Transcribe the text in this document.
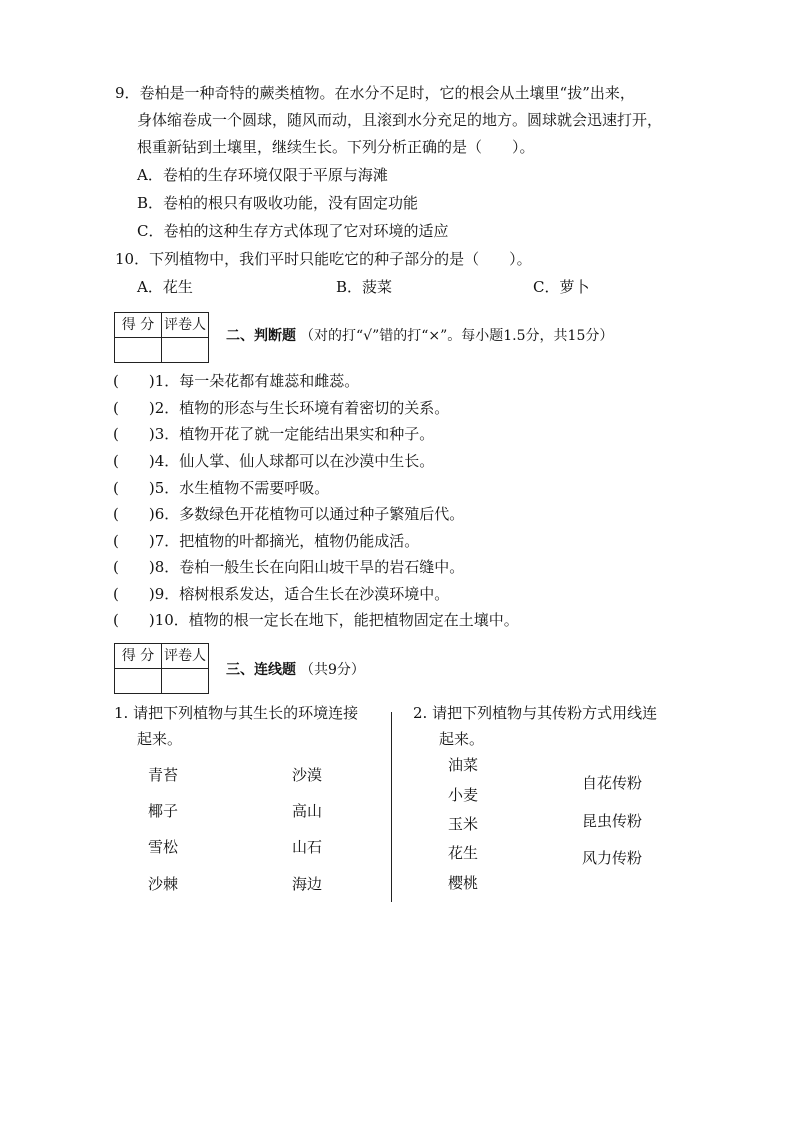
9．卷柏是一种奇特的蕨类植物。在水分不足时，它的根会从土壤里“拔”出来，
身体缩卷成一个圆球，随风而动，且滚到水分充足的地方。圆球就会迅速打开，
根重新钻到土壤里，继续生长。下列分析正确的是（　　）。
A．卷柏的生存环境仅限于平原与海滩
B．卷柏的根只有吸收功能，没有固定功能
C．卷柏的这种生存方式体现了它对环境的适应
10．下列植物中，我们平时只能吃它的种子部分的是（　　）。
A．花生	B．菠菜	C．萝卜
得 分	评卷人

二、判断题 （对的打“√”错的打“×”。每小题1.5分，共15分）
(　　)1．每一朵花都有雄蕊和雌蕊。
(　　)2．植物的形态与生长环境有着密切的关系。
(　　)3．植物开花了就一定能结出果实和种子。
(　　)4．仙人掌、仙人球都可以在沙漠中生长。
(　　)5．水生植物不需要呼吸。
(　　)6．多数绿色开花植物可以通过种子繁殖后代。
(　　)7．把植物的叶都摘光，植物仍能成活。
(　　)8．卷柏一般生长在向阳山坡干旱的岩石缝中。
(　　)9．榕树根系发达，适合生长在沙漠环境中。
(　　)10．植物的根一定长在地下，能把植物固定在土壤中。
得 分	评卷人

三、连线题 （共9分）
1. 请把下列植物与其生长的环境连接
起来。
青苔
椰子
雪松
沙棘
沙漠
高山
山石
海边
2. 请把下列植物与其传粉方式用线连
起来。
油菜
小麦
玉米
花生
樱桃
自花传粉
昆虫传粉
风力传粉
